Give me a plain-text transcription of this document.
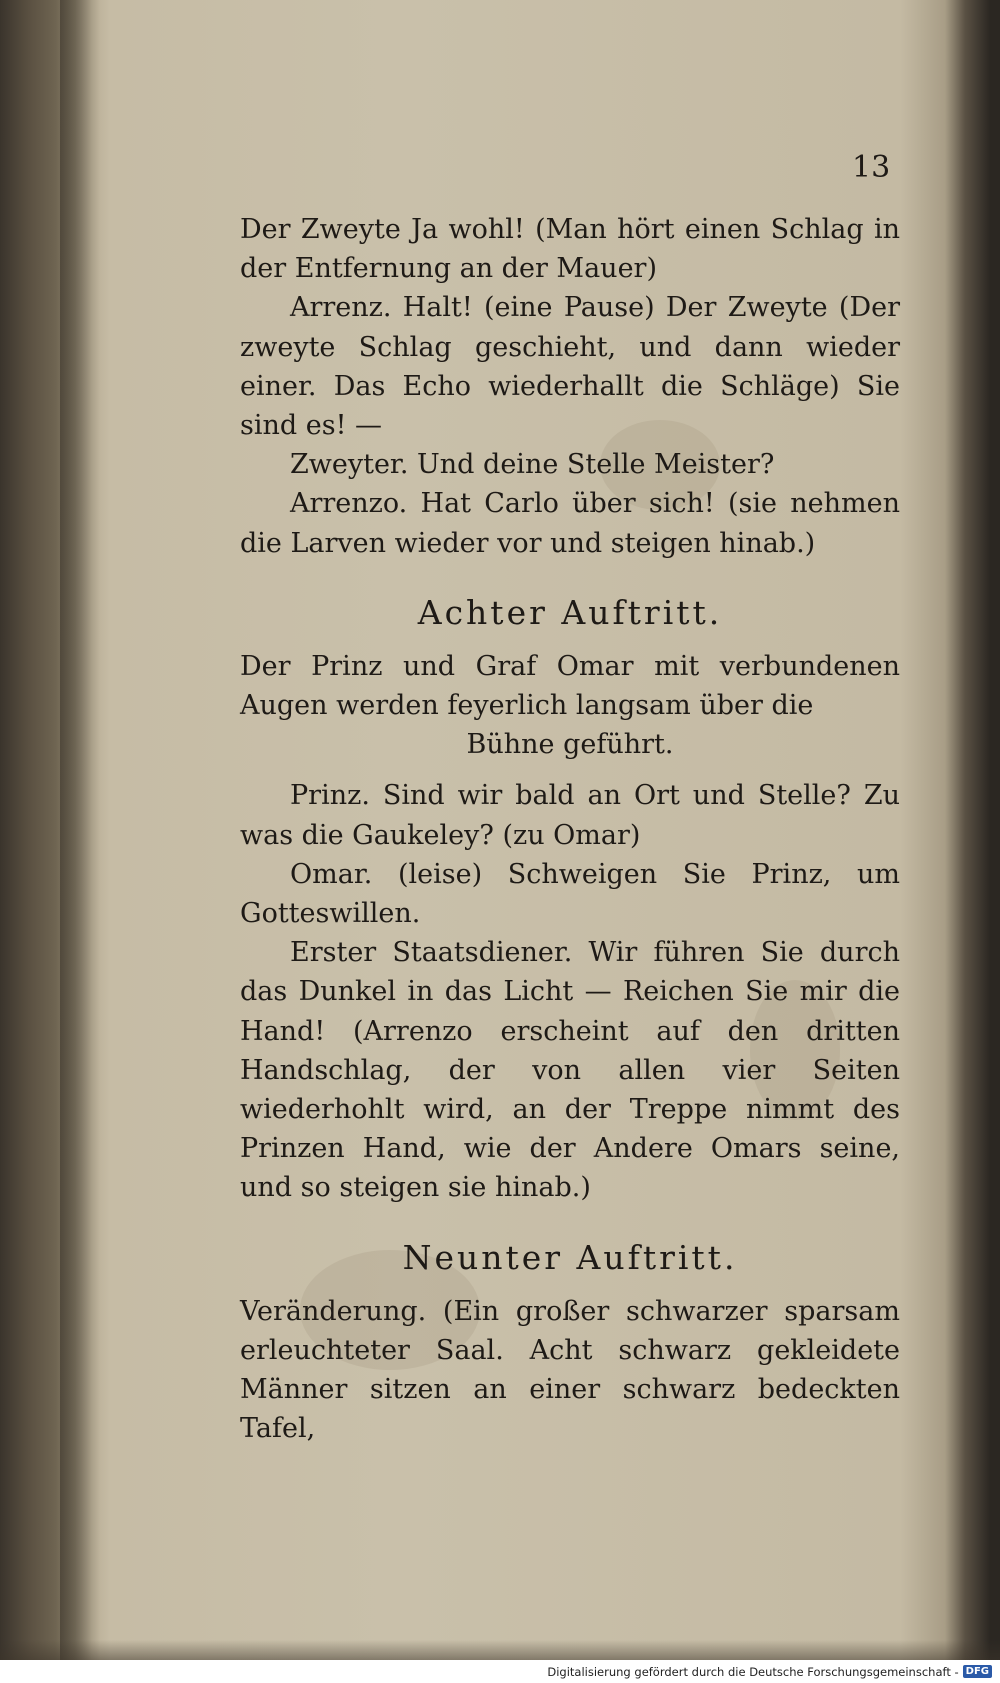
13

Der Zweyte Ja wohl! (Man hört einen Schlag in der Entfernung an der Mauer)

Arrenz. Halt! (eine Pause) Der Zweyte (Der zweyte Schlag geschieht, und dann wieder einer. Das Echo wiederhallt die Schläge) Sie sind es! —

Zweyter. Und deine Stelle Meister?

Arrenzo. Hat Carlo über sich! (sie nehmen die Larven wieder vor und steigen hinab.)

Achter Auftritt.

Der Prinz und Graf Omar mit verbundenen Augen werden feyerlich langsam über die

Bühne geführt.

Prinz. Sind wir bald an Ort und Stelle? Zu was die Gaukeley? (zu Omar)

Omar. (leise) Schweigen Sie Prinz, um Gotteswillen.

Erster Staatsdiener. Wir führen Sie durch das Dunkel in das Licht — Reichen Sie mir die Hand! (Arrenzo erscheint auf den dritten Handschlag, der von allen vier Seiten wiederhohlt wird, an der Treppe nimmt des Prinzen Hand, wie der Andere Omars seine, und so steigen sie hinab.)

Neunter Auftritt.

Veränderung. (Ein großer schwarzer sparsam erleuchteter Saal. Acht schwarz gekleidete Männer sitzen an einer schwarz bedeckten Tafel,

Digitalisierung gefördert durch die Deutsche Forschungsgemeinschaft - DFG
